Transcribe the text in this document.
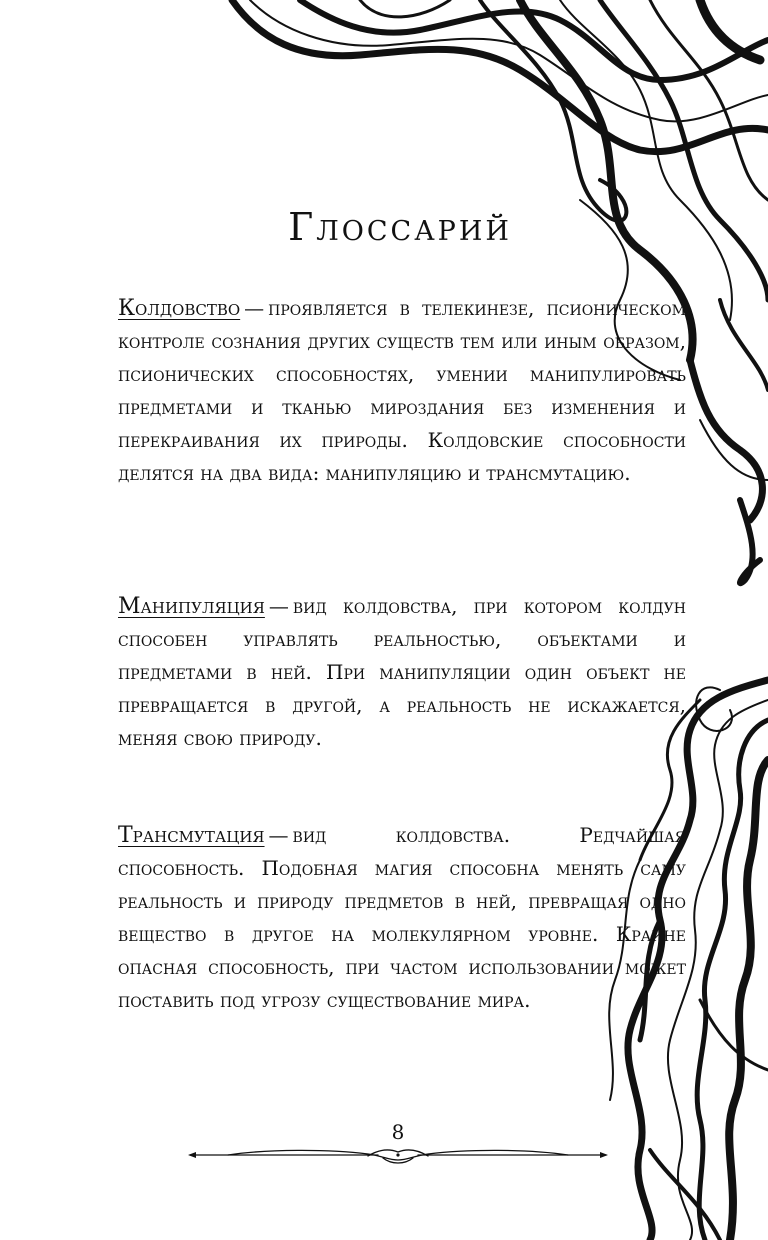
Глоссарий

Колдовство — проявляется в телекинезе, псионическом контроле сознания других существ тем или иным образом, псионических способностях, умении манипулировать предметами и тканью мироздания без изменения и перекраивания их природы. Колдовские способности делятся на два вида: манипуляцию и трансмутацию.

Манипуляция — вид колдовства, при котором колдун способен управлять реальностью, объектами и предметами в ней. При манипуляции один объект не превращается в другой, а реальность не искажается, меняя свою природу.

Трансмутация — вид колдовства. Редчайшая способность. Подобная магия способна менять саму реальность и природу предметов в ней, превращая одно вещество в другое на молекулярном уровне. Крайне опасная способность, при частом использовании может поставить под угрозу существование мира.

8
